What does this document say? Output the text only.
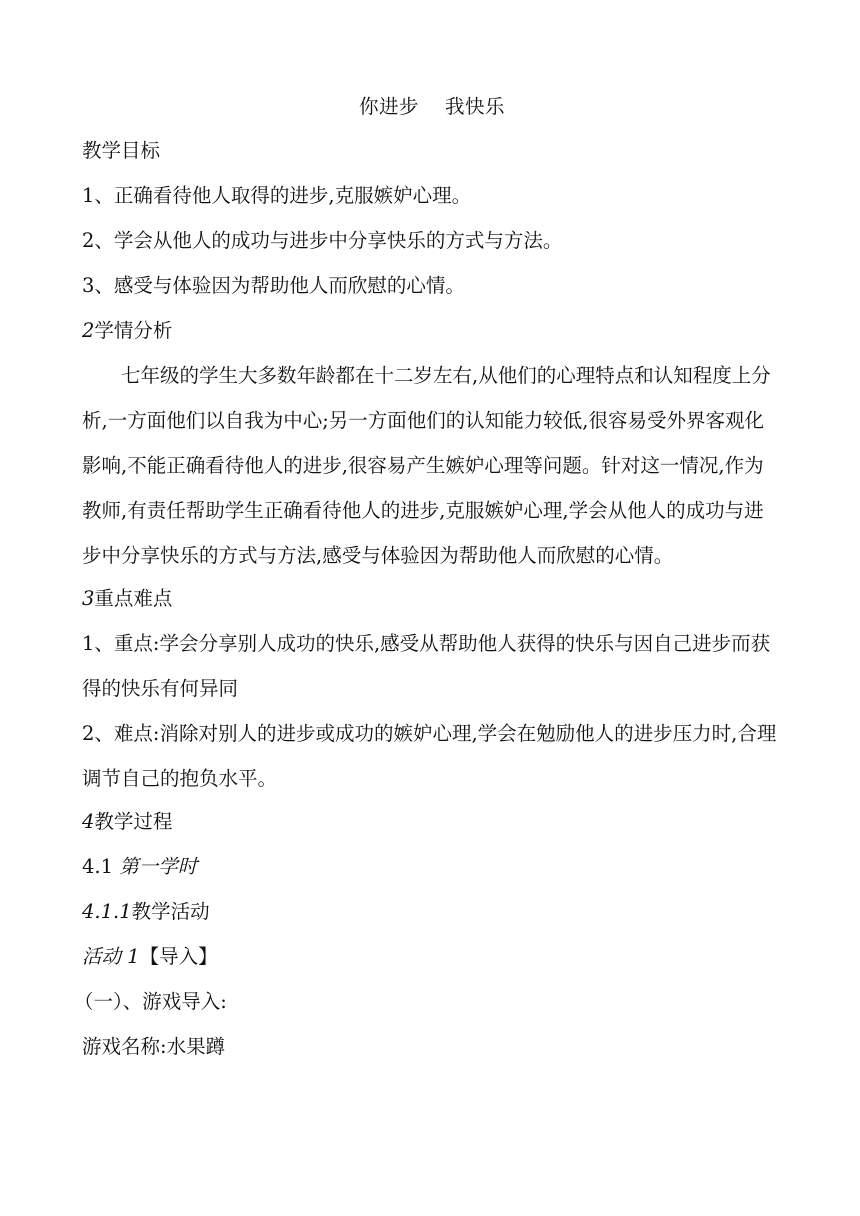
你进步 我快乐

教学目标

1、正确看待他人取得的进步,克服嫉妒心理。

2、学会从他人的成功与进步中分享快乐的方式与方法。

3、感受与体验因为帮助他人而欣慰的心情。

2学情分析

七年级的学生大多数年龄都在十二岁左右,从他们的心理特点和认知程度上分析,一方面他们以自我为中心;另一方面他们的认知能力较低,很容易受外界客观化影响,不能正确看待他人的进步,很容易产生嫉妒心理等问题。针对这一情况,作为教师,有责任帮助学生正确看待他人的进步,克服嫉妒心理,学会从他人的成功与进步中分享快乐的方式与方法,感受与体验因为帮助他人而欣慰的心情。

3重点难点

1、重点:学会分享别人成功的快乐,感受从帮助他人获得的快乐与因自己进步而获得的快乐有何异同

2、难点:消除对别人的进步或成功的嫉妒心理,学会在勉励他人的进步压力时,合理调节自己的抱负水平。

4教学过程

4.1 第一学时

4.1.1教学活动

活动 1【导入】

（一）、游戏导入:

游戏名称:水果蹲
